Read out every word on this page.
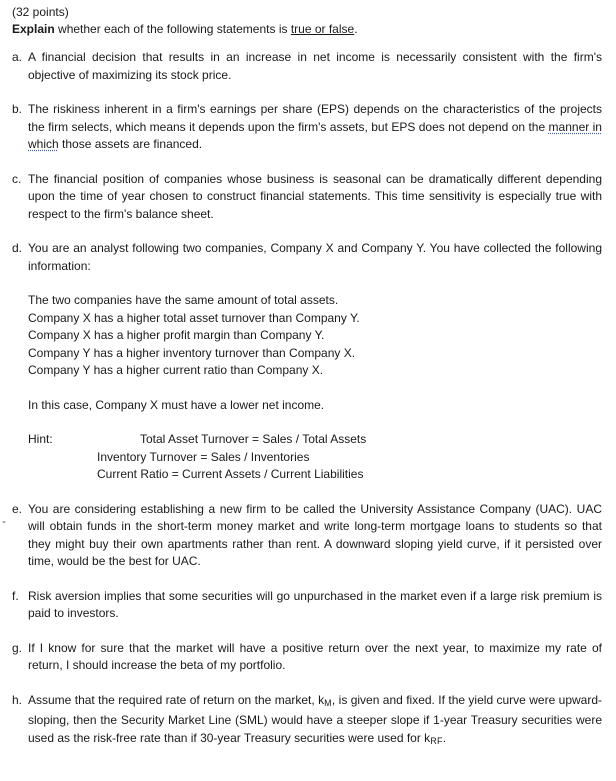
(32 points)

Explain whether each of the following statements is true or false.

a. A financial decision that results in an increase in net income is necessarily consistent with the firm's objective of maximizing its stock price.
b. The riskiness inherent in a firm's earnings per share (EPS) depends on the characteristics of the projects the firm selects, which means it depends upon the firm's assets, but EPS does not depend on the manner in which those assets are financed.
c. The financial position of companies whose business is seasonal can be dramatically different depending upon the time of year chosen to construct financial statements. This time sensitivity is especially true with respect to the firm's balance sheet.
d. You are an analyst following two companies, Company X and Company Y. You have collected the following information:
The two companies have the same amount of total assets.
Company X has a higher total asset turnover than Company Y.
Company X has a higher profit margin than Company Y.
Company Y has a higher inventory turnover than Company X.
Company Y has a higher current ratio than Company X.
In this case, Company X must have a lower net income.
Hint:	Total Asset Turnover = Sales / Total Assets
Inventory Turnover = Sales / Inventories
Current Ratio = Current Assets / Current Liabilities
-
e. You are considering establishing a new firm to be called the University Assistance Company (UAC). UAC will obtain funds in the short-term money market and write long-term mortgage loans to students so that they might buy their own apartments rather than rent. A downward sloping yield curve, if it persisted over time, would be the best for UAC.
f. Risk aversion implies that some securities will go unpurchased in the market even if a large risk premium is paid to investors.
g. If I know for sure that the market will have a positive return over the next year, to maximize my rate of return, I should increase the beta of my portfolio.
h. Assume that the required rate of return on the market, kM, is given and fixed. If the yield curve were upward-sloping, then the Security Market Line (SML) would have a steeper slope if 1-year Treasury securities were used as the risk-free rate than if 30-year Treasury securities were used for kRF.
